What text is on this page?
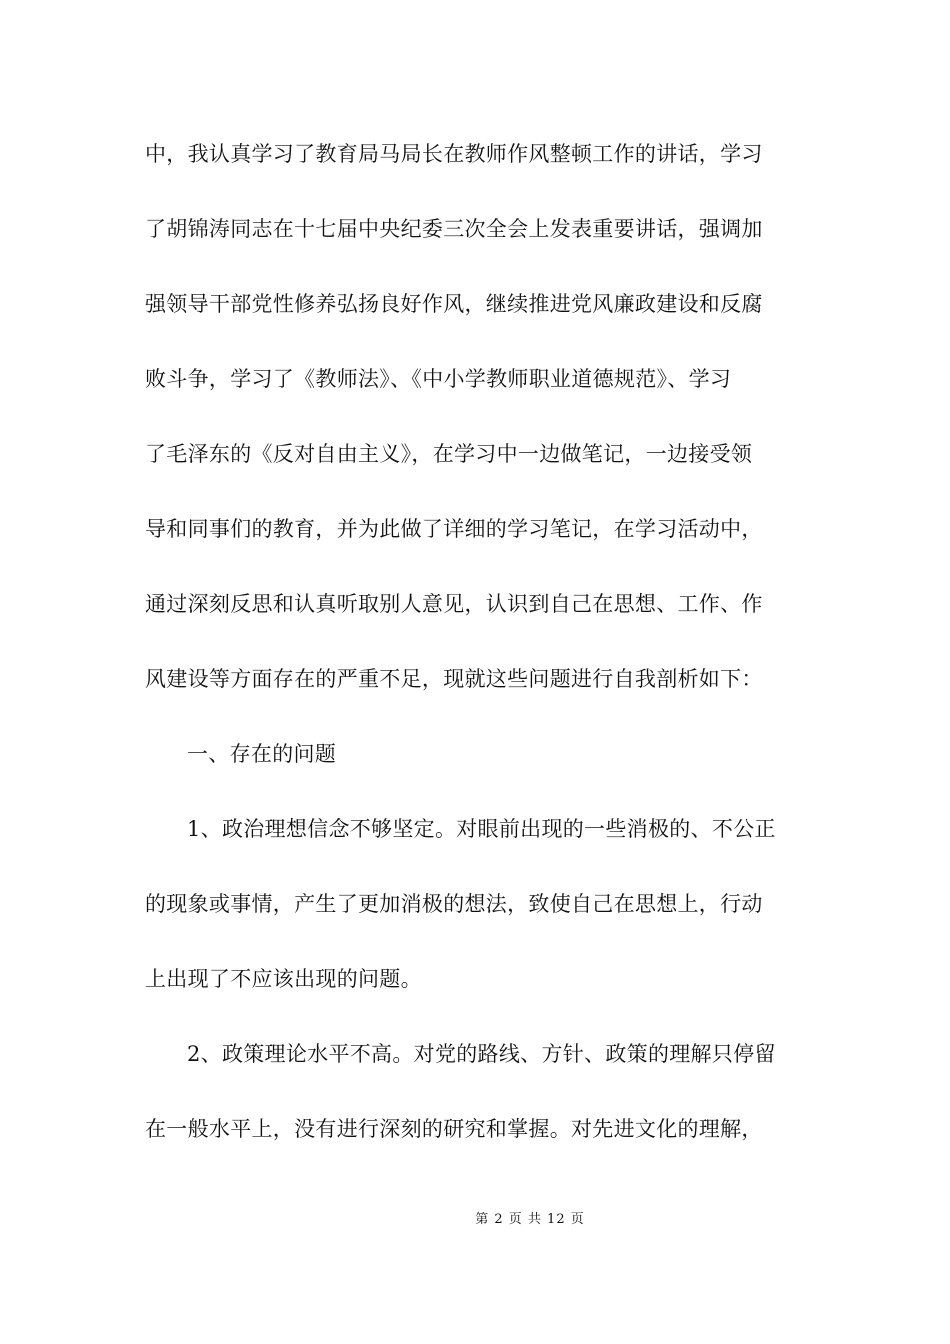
中，我认真学习了教育局马局长在教师作风整顿工作的讲话，学习
了胡锦涛同志在十七届中央纪委三次全会上发表重要讲话，强调加
强领导干部党性修养弘扬良好作风，继续推进党风廉政建设和反腐
败斗争，学习了《教师法》、《中小学教师职业道德规范》、学习
了毛泽东的《反对自由主义》，在学习中一边做笔记，一边接受领
导和同事们的教育，并为此做了详细的学习笔记，在学习活动中，
通过深刻反思和认真听取别人意见，认识到自己在思想、工作、作
风建设等方面存在的严重不足，现就这些问题进行自我剖析如下：
一、存在的问题
1、政治理想信念不够坚定。对眼前出现的一些消极的、不公正
的现象或事情，产生了更加消极的想法，致使自己在思想上，行动
上出现了不应该出现的问题。
2、政策理论水平不高。对党的路线、方针、政策的理解只停留
在一般水平上，没有进行深刻的研究和掌握。对先进文化的理解，
第 2 页 共 12 页
